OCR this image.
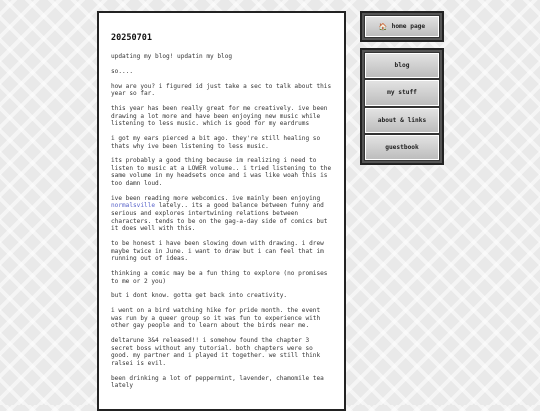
20250701

updating my blog! updatin my blog

so....

how are you? i figured id just take a sec to talk about this year so far.

this year has been really great for me creatively. ive been drawing a lot more and have been enjoying new music while listening to less music. which is good for my eardrums

i got my ears pierced a bit ago. they're still healing so thats why ive been listening to less music.

its probably a good thing because im realizing i need to listen to music at a LOWER volume.. i tried listening to the same volume in my headsets once and i was like woah this is too damn loud.

ive been reading more webcomics. ive mainly been enjoying normalsville lately.. its a good balance between funny and serious and explores intertwining relations between characters. tends to be on the gag-a-day side of comics but it does well with this.

to be honest i have been slowing down with drawing. i drew maybe twice in June. i want to draw but i can feel that im running out of ideas.

thinking a comic may be a fun thing to explore (no promises to me or 2 you)

but i dont know. gotta get back into creativity.

i went on a bird watching hike for pride month. the event was run by a queer group so it was fun to experience with other gay people and to learn about the birds near me.

deltarune 3&4 released!! i somehow found the chapter 3 secret boss without any tutorial. both chapters were so good. my partner and i played it together. we still think ralsei is evil.

been drinking a lot of peppermint, lavender, chamomile tea lately

🏠 home page
blog
my stuff
about & links
guestbook
